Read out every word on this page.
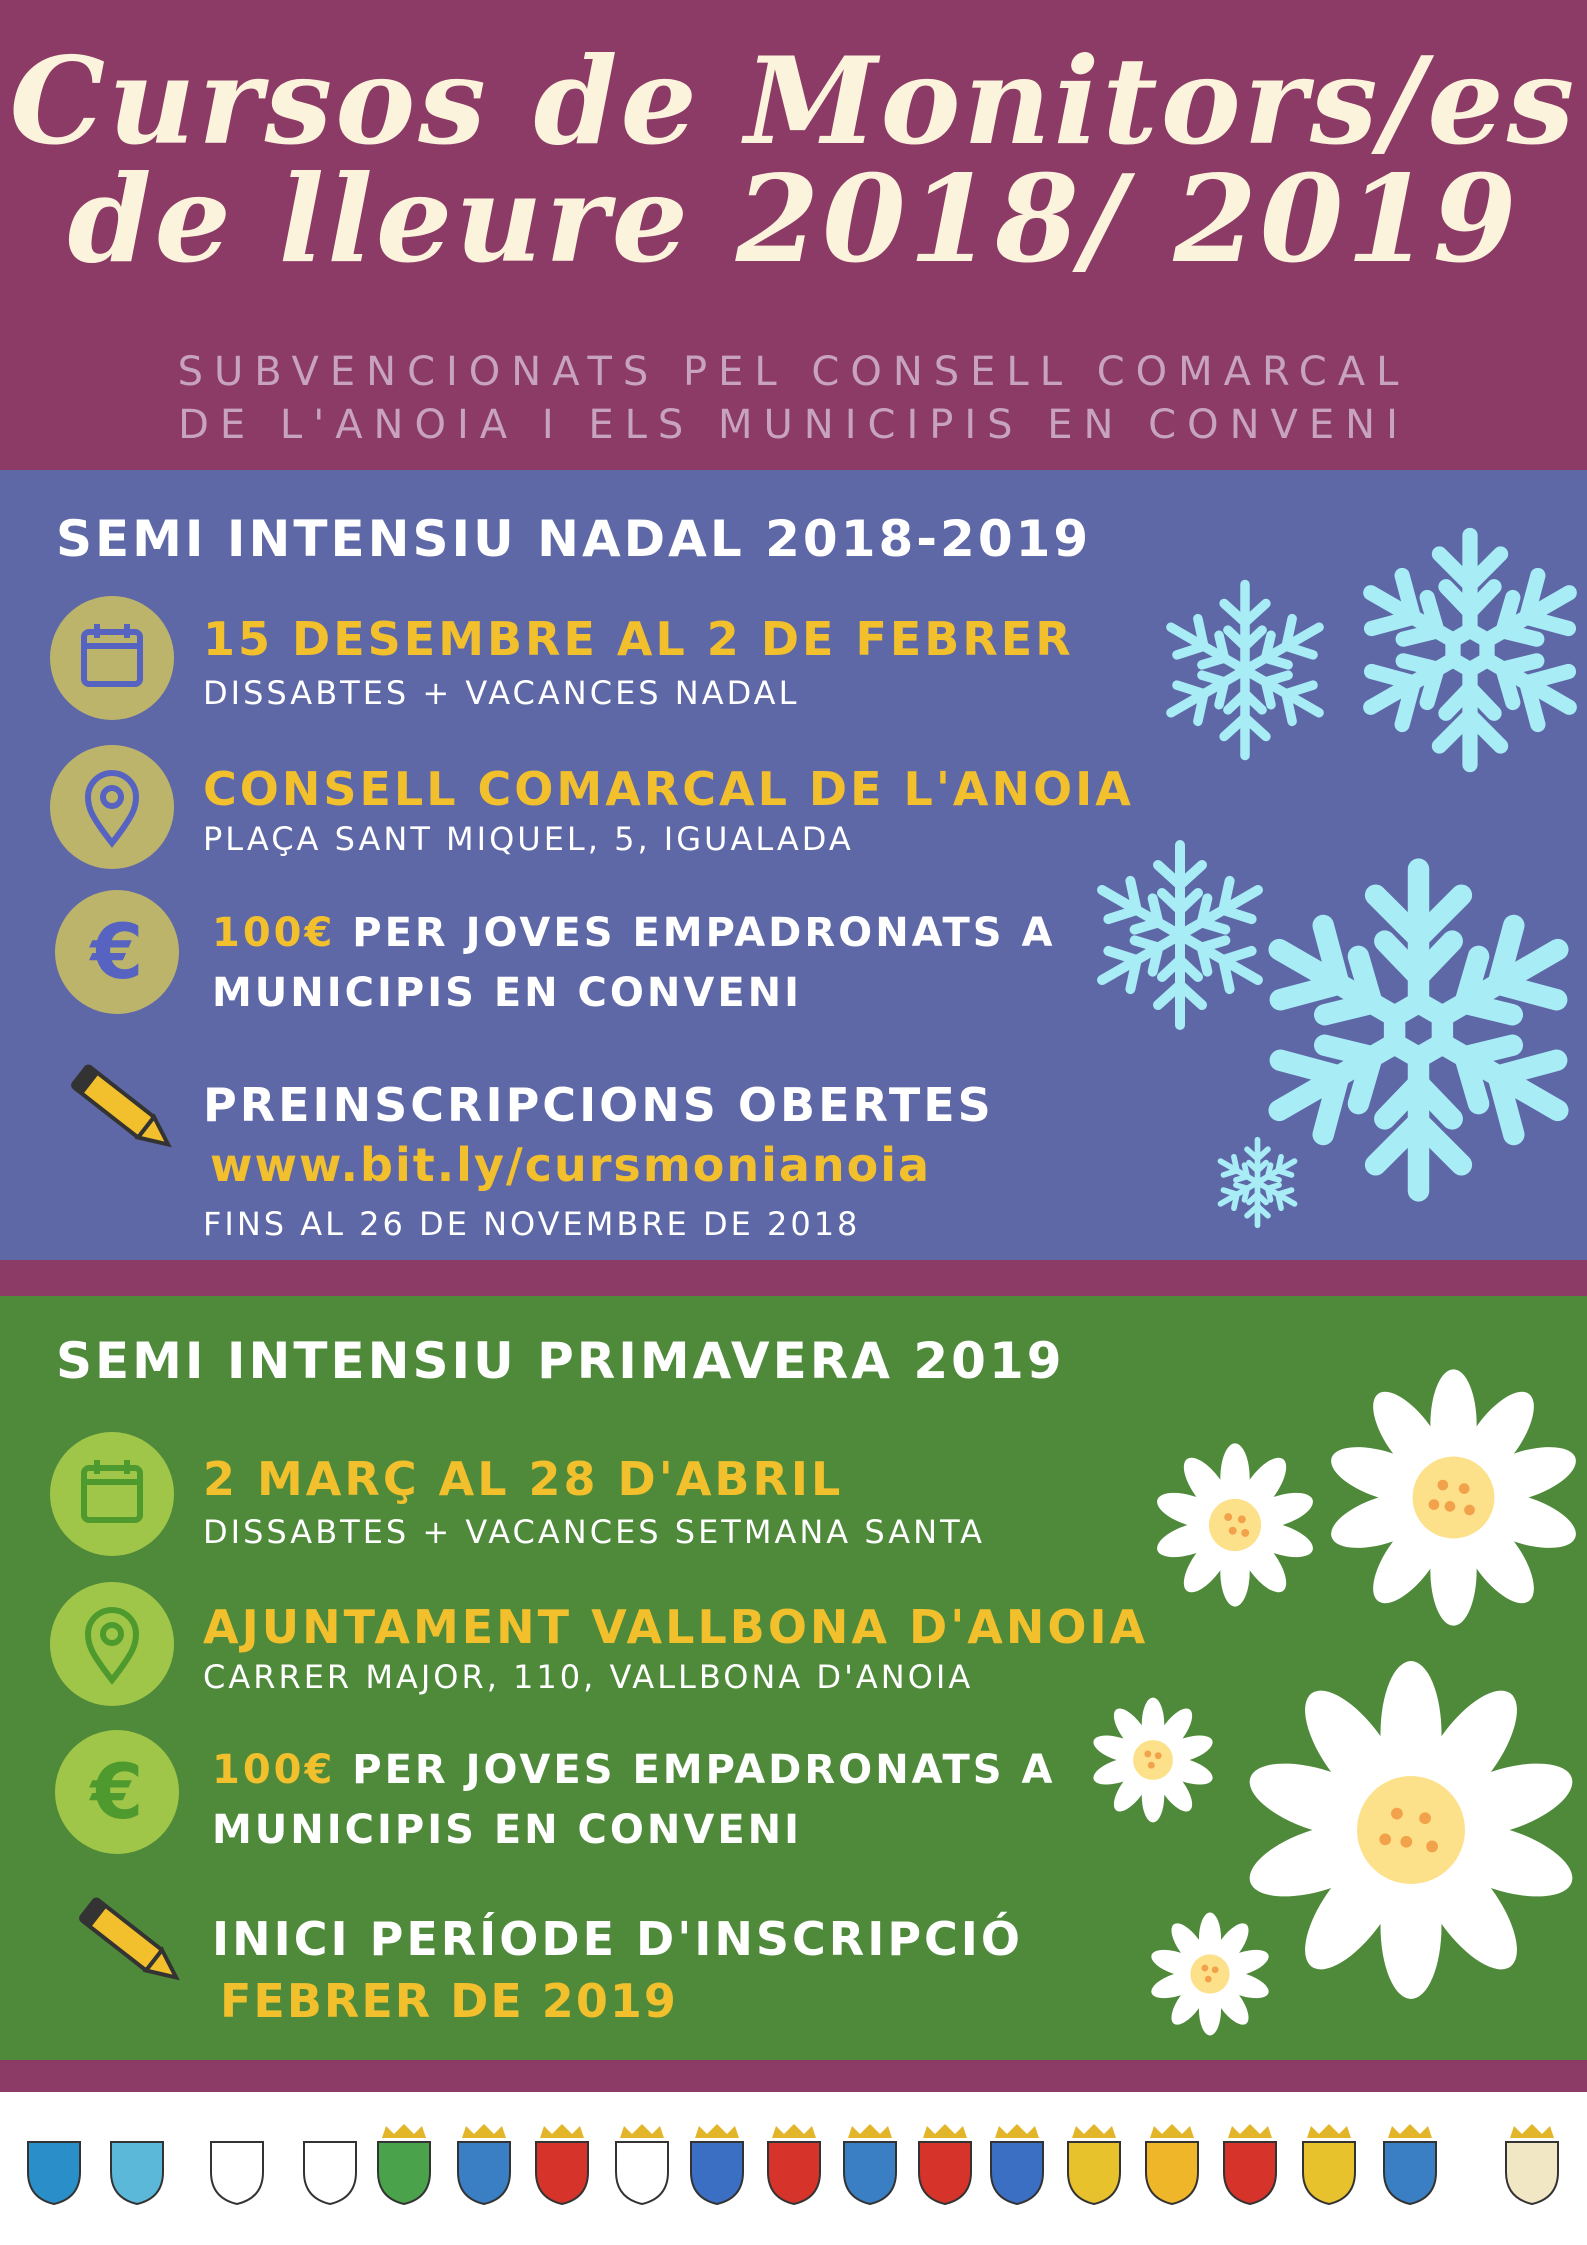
Cursos de Monitors/es
de lleure 2018/ 2019
SUBVENCIONATS PEL CONSELL COMARCAL
DE L'ANOIA I ELS MUNICIPIS EN CONVENI
SEMI INTENSIU NADAL 2018-2019
15 DESEMBRE AL 2 DE FEBRER
DISSABTES + VACANCES NADAL
CONSELL COMARCAL DE L'ANOIA
PLAÇA SANT MIQUEL, 5, IGUALADA
€	100€ PER JOVES EMPADRONATS A
MUNICIPIS EN CONVENI
PREINSCRIPCIONS OBERTES
www.bit.ly/cursmonianoia
FINS AL 26 DE NOVEMBRE DE 2018
SEMI INTENSIU PRIMAVERA 2019
2 MARÇ AL 28 D'ABRIL
DISSABTES + VACANCES SETMANA SANTA
AJUNTAMENT VALLBONA D'ANOIA
CARRER MAJOR, 110, VALLBONA D'ANOIA
€	100€ PER JOVES EMPADRONATS A
MUNICIPIS EN CONVENI
INICI PERÍODE D'INSCRIPCIÓ
FEBRER DE 2019
